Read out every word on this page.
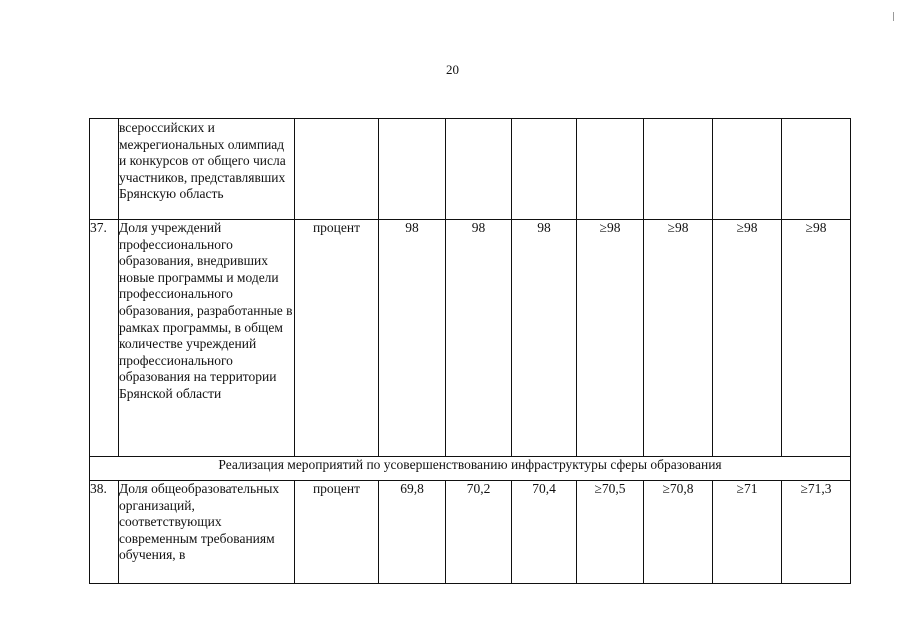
20
	всероссийских и межрегиональных олимпиад и конкурсов от общего числа участников, представлявших Брянскую область								
37.	Доля учреждений профессионального образования, внедривших новые программы и модели профессионального образования, разработанные в рамках программы, в общем количестве учреждений профессионального образования на территории Брянской области	процент	98	98	98	≥98	≥98	≥98	≥98
Реализация мероприятий по усовершенствованию инфраструктуры сферы образования									
38.	Доля общеобразовательных организаций, соответствующих современным требованиям обучения, в	процент	69,8	70,2	70,4	≥70,5	≥70,8	≥71	≥71,3
